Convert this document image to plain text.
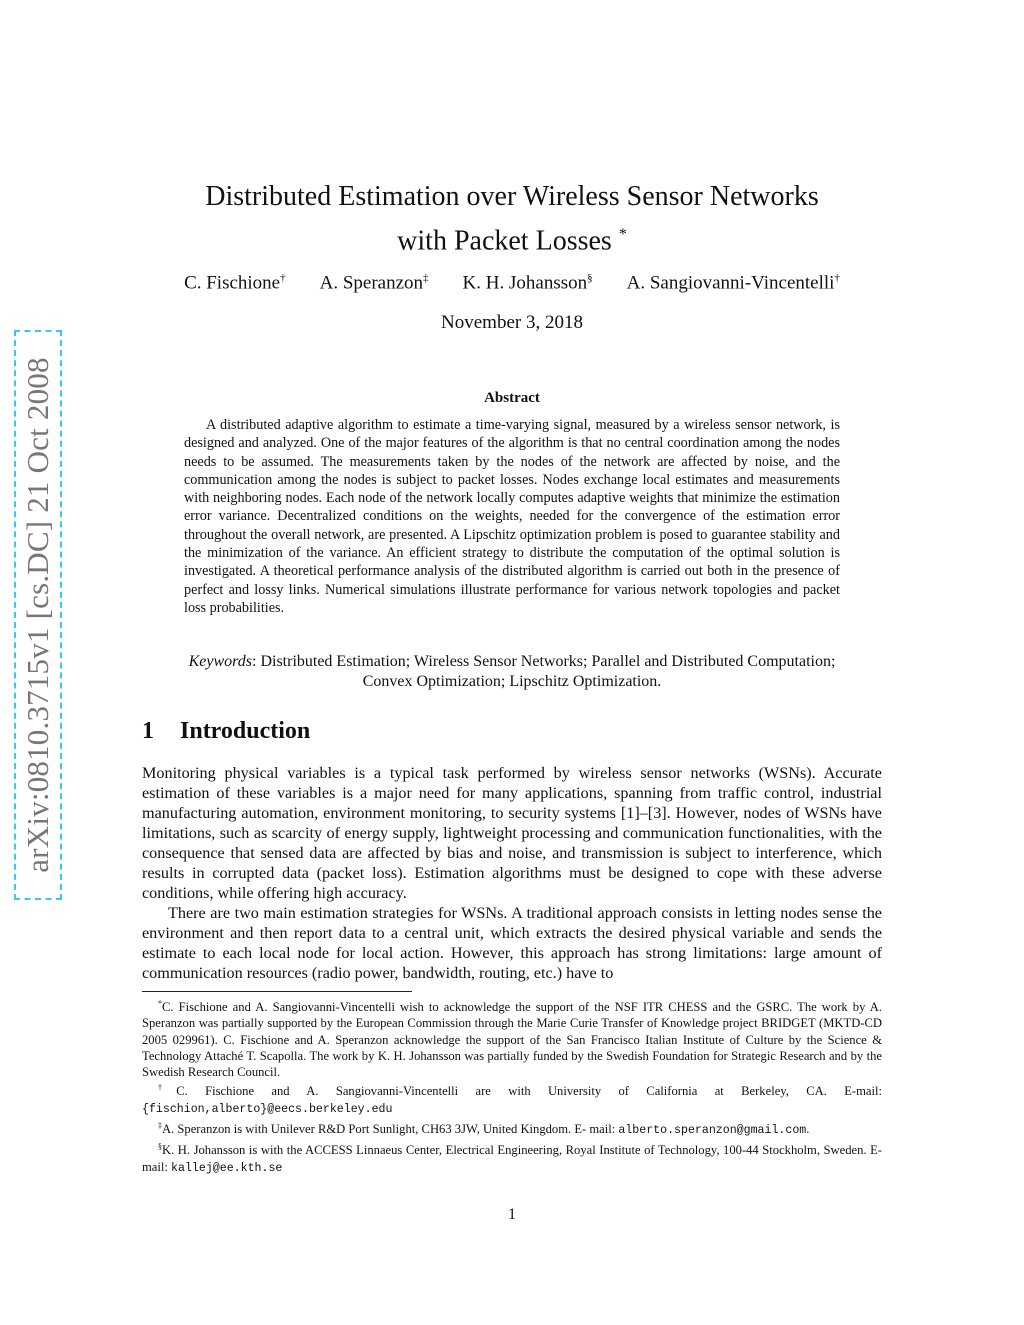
arXiv:0810.3715v1 [cs.DC] 21 Oct 2008
Distributed Estimation over Wireless Sensor Networks
with Packet Losses *
C. Fischione† A. Speranzon‡ K. H. Johansson§ A. Sangiovanni-Vincentelli†
November 3, 2018
Abstract
A distributed adaptive algorithm to estimate a time-varying signal, measured by a wireless sensor network, is designed and analyzed. One of the major features of the algorithm is that no central coordination among the nodes needs to be assumed. The measurements taken by the nodes of the network are affected by noise, and the communication among the nodes is subject to packet losses. Nodes exchange local estimates and measurements with neighboring nodes. Each node of the network locally computes adaptive weights that minimize the estimation error variance. Decentralized conditions on the weights, needed for the convergence of the estimation error throughout the overall network, are presented. A Lipschitz optimization problem is posed to guarantee stability and the minimization of the variance. An efficient strategy to distribute the computation of the optimal solution is investigated. A theoretical performance analysis of the distributed algorithm is carried out both in the presence of perfect and lossy links. Numerical simulations illustrate performance for various network topologies and packet loss probabilities.
Keywords: Distributed Estimation; Wireless Sensor Networks; Parallel and Distributed Computation; Convex Optimization; Lipschitz Optimization.
1 Introduction

Monitoring physical variables is a typical task performed by wireless sensor networks (WSNs). Accurate estimation of these variables is a major need for many applications, spanning from traffic control, industrial manufacturing automation, environment monitoring, to security systems [1]–[3]. However, nodes of WSNs have limitations, such as scarcity of energy supply, lightweight processing and communication functionalities, with the consequence that sensed data are affected by bias and noise, and transmission is subject to interference, which results in corrupted data (packet loss). Estimation algorithms must be designed to cope with these adverse conditions, while offering high accuracy.

There are two main estimation strategies for WSNs. A traditional approach consists in letting nodes sense the environment and then report data to a central unit, which extracts the desired physical variable and sends the estimate to each local node for local action. However, this approach has strong limitations: large amount of communication resources (radio power, bandwidth, routing, etc.) have to

*C. Fischione and A. Sangiovanni-Vincentelli wish to acknowledge the support of the NSF ITR CHESS and the GSRC. The work by A. Speranzon was partially supported by the European Commission through the Marie Curie Transfer of Knowledge project BRIDGET (MKTD-CD 2005 029961). C. Fischione and A. Speranzon acknowledge the support of the San Francisco Italian Institute of Culture by the Science & Technology Attaché T. Scapolla. The work by K. H. Johansson was partially funded by the Swedish Foundation for Strategic Research and by the Swedish Research Council.

†C. Fischione and A. Sangiovanni-Vincentelli are with University of California at Berkeley, CA. E-mail: {fischion,alberto}@eecs.berkeley.edu

‡A. Speranzon is with Unilever R&D Port Sunlight, CH63 3JW, United Kingdom. E- mail: alberto.speranzon@gmail.com.

§K. H. Johansson is with the ACCESS Linnaeus Center, Electrical Engineering, Royal Institute of Technology, 100-44 Stockholm, Sweden. E-mail: kallej@ee.kth.se

1
